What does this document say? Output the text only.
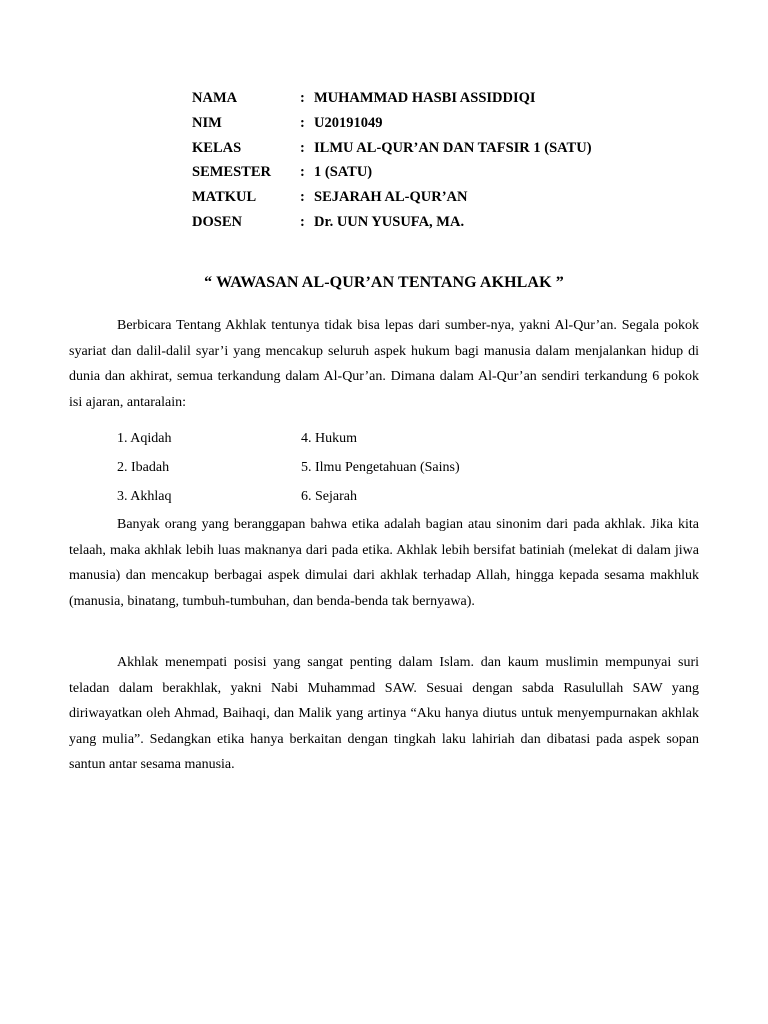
NAMA	:	MUHAMMAD HASBI ASSIDDIQI
NIM	:	U20191049
KELAS	:	ILMU AL-QUR’AN DAN TAFSIR 1 (SATU)
SEMESTER	:	1 (SATU)
MATKUL	:	SEJARAH AL-QUR’AN
DOSEN	:	Dr. UUN YUSUFA, MA.
“ WAWASAN AL-QUR’AN TENTANG AKHLAK ”

Berbicara Tentang Akhlak tentunya tidak bisa lepas dari sumber-nya, yakni Al-Qur’an. Segala pokok syariat dan dalil-dalil syar’i yang mencakup seluruh aspek hukum bagi manusia dalam menjalankan hidup di dunia dan akhirat, semua terkandung dalam Al-Qur’an. Dimana dalam Al-Qur’an sendiri terkandung 6 pokok isi ajaran, antaralain:

1. Aqidah	4. Hukum
2. Ibadah	5. Ilmu Pengetahuan (Sains)
3. Akhlaq	6. Sejarah

Banyak orang yang beranggapan bahwa etika adalah bagian atau sinonim dari pada akhlak. Jika kita telaah, maka akhlak lebih luas maknanya dari pada etika. Akhlak lebih bersifat batiniah (melekat di dalam jiwa manusia) dan mencakup berbagai aspek dimulai dari akhlak terhadap Allah, hingga kepada sesama makhluk (manusia, binatang, tumbuh-tumbuhan, dan benda-benda tak bernyawa).

Akhlak menempati posisi yang sangat penting dalam Islam. dan kaum muslimin mempunyai suri teladan dalam berakhlak, yakni Nabi Muhammad SAW. Sesuai dengan sabda Rasulullah SAW yang diriwayatkan oleh Ahmad, Baihaqi, dan Malik yang artinya “Aku hanya diutus untuk menyempurnakan akhlak yang mulia”. Sedangkan etika hanya berkaitan dengan tingkah laku lahiriah dan dibatasi pada aspek sopan santun antar sesama manusia.
